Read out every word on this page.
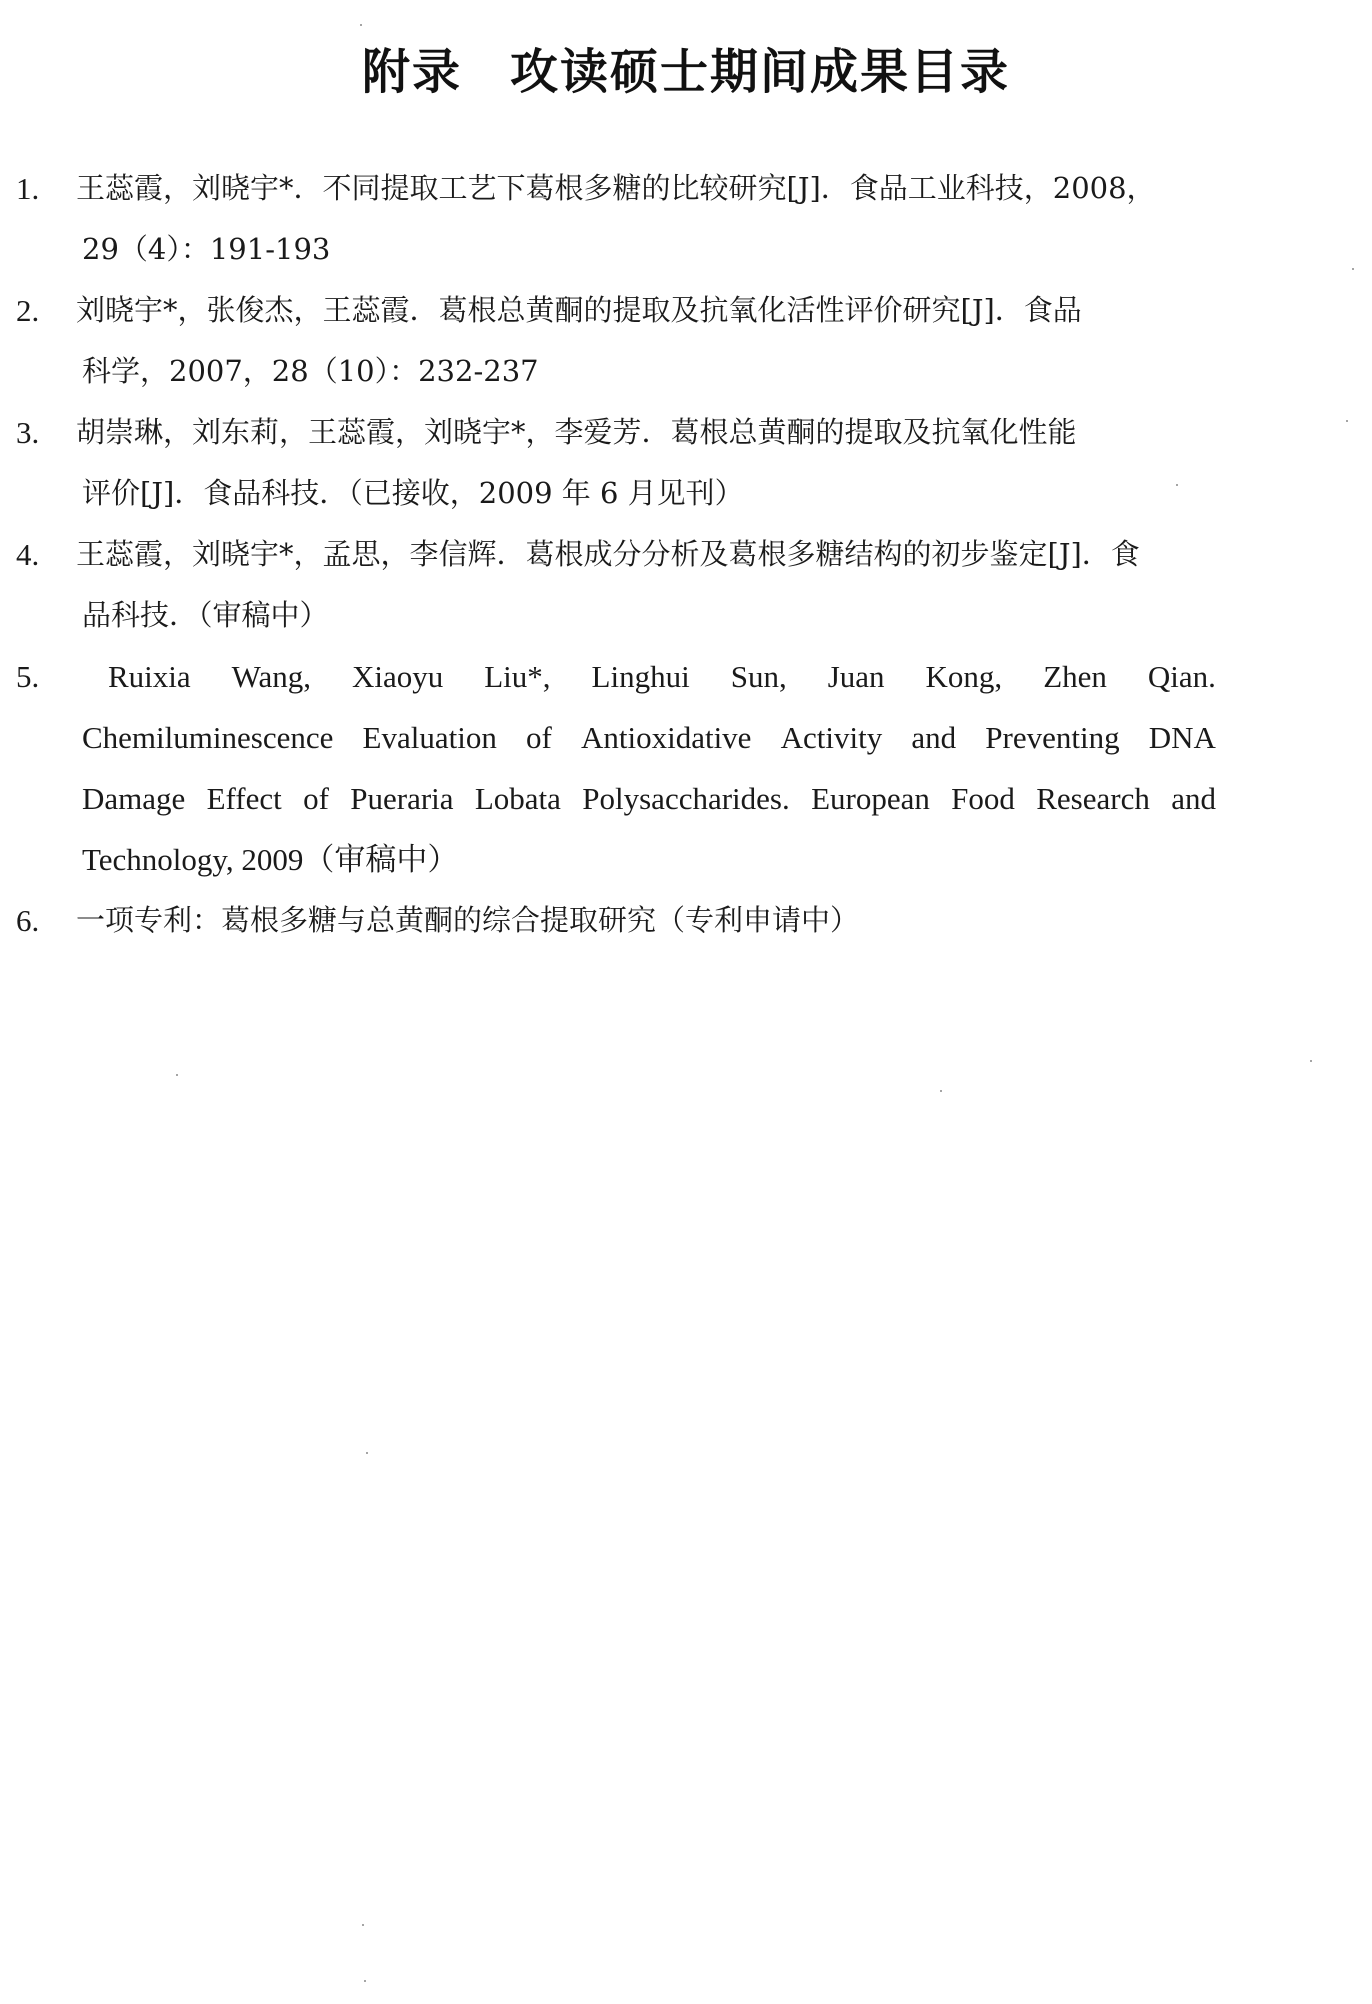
附录 攻读硕士期间成果目录
1.	王蕊霞，刘晓宇*．不同提取工艺下葛根多糖的比较研究[J]．食品工业科技，2008，
29（4）：191-193
2.	刘晓宇*，张俊杰，王蕊霞．葛根总黄酮的提取及抗氧化活性评价研究[J]．食品
科学，2007，28（10）：232-237
3.	胡崇琳，刘东莉，王蕊霞，刘晓宇*，李爱芳．葛根总黄酮的提取及抗氧化性能
评价[J]．食品科技．（已接收，2009 年 6 月见刊）
4.	王蕊霞，刘晓宇*，孟思，李信辉．葛根成分分析及葛根多糖结构的初步鉴定[J]．食
品科技．（审稿中）
5.	Ruixia Wang, Xiaoyu Liu*, Linghui Sun, Juan Kong, Zhen Qian.
Chemiluminescence Evaluation of Antioxidative Activity and Preventing DNA
Damage Effect of Pueraria Lobata Polysaccharides. European Food Research and
Technology, 2009（审稿中）
6.	一项专利：葛根多糖与总黄酮的综合提取研究（专利申请中）
